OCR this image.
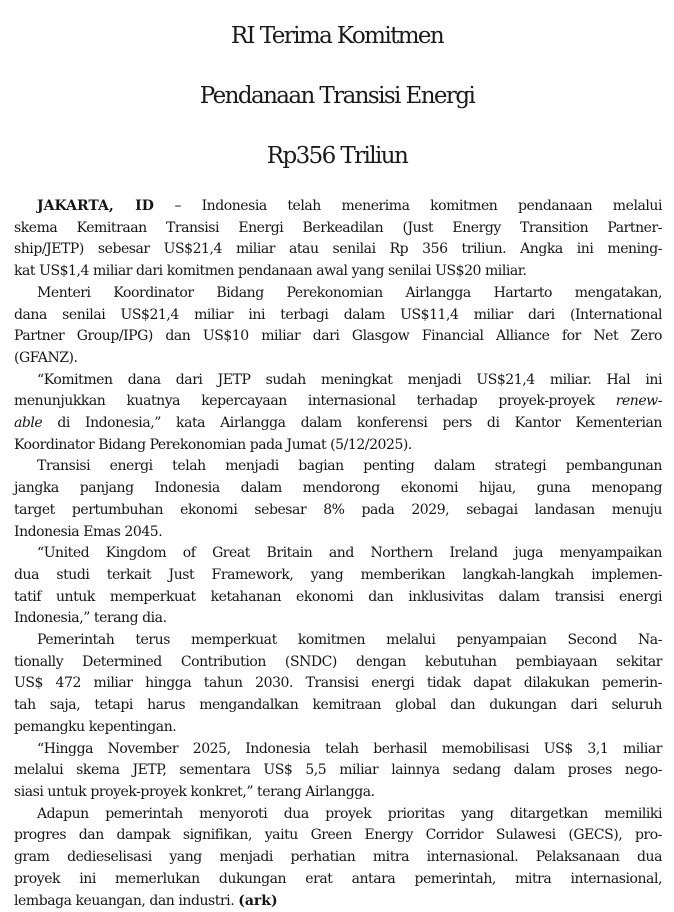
RI Terima Komitmen
Pendanaan Transisi Energi
Rp356 Triliun
JAKARTA, ID – Indonesia telah menerima komitmen pendanaan melalui
skema Kemitraan Transisi Energi Berkeadilan (Just Energy Transition Partner-
ship/JETP) sebesar US$21,4 miliar atau senilai Rp 356 triliun. Angka ini mening-
kat US$1,4 miliar dari komitmen pendanaan awal yang senilai US$20 miliar.
Menteri Koordinator Bidang Perekonomian Airlangga Hartarto mengatakan,
dana senilai US$21,4 miliar ini terbagi dalam US$11,4 miliar dari (International
Partner Group/IPG) dan US$10 miliar dari Glasgow Financial Alliance for Net Zero
(GFANZ).
“Komitmen dana dari JETP sudah meningkat menjadi US$21,4 miliar. Hal ini
menunjukkan kuatnya kepercayaan internasional terhadap proyek-proyek renew-
able di Indonesia,” kata Airlangga dalam konferensi pers di Kantor Kementerian
Koordinator Bidang Perekonomian pada Jumat (5/12/2025).
Transisi energi telah menjadi bagian penting dalam strategi pembangunan
jangka panjang Indonesia dalam mendorong ekonomi hijau, guna menopang
target pertumbuhan ekonomi sebesar 8% pada 2029, sebagai landasan menuju
Indonesia Emas 2045.
“United Kingdom of Great Britain and Northern Ireland juga menyampaikan
dua studi terkait Just Framework, yang memberikan langkah-langkah implemen-
tatif untuk memperkuat ketahanan ekonomi dan inklusivitas dalam transisi energi
Indonesia,” terang dia.
Pemerintah terus memperkuat komitmen melalui penyampaian Second Na-
tionally Determined Contribution (SNDC) dengan kebutuhan pembiayaan sekitar
US$ 472 miliar hingga tahun 2030. Transisi energi tidak dapat dilakukan pemerin-
tah saja, tetapi harus mengandalkan kemitraan global dan dukungan dari seluruh
pemangku kepentingan.
“Hingga November 2025, Indonesia telah berhasil memobilisasi US$ 3,1 miliar
melalui skema JETP, sementara US$ 5,5 miliar lainnya sedang dalam proses nego-
siasi untuk proyek-proyek konkret,” terang Airlangga.
Adapun pemerintah menyoroti dua proyek prioritas yang ditargetkan memiliki
progres dan dampak signifikan, yaitu Green Energy Corridor Sulawesi (GECS), pro-
gram dedieselisasi yang menjadi perhatian mitra internasional. Pelaksanaan dua
proyek ini memerlukan dukungan erat antara pemerintah, mitra internasional,
lembaga keuangan, dan industri. (ark)
